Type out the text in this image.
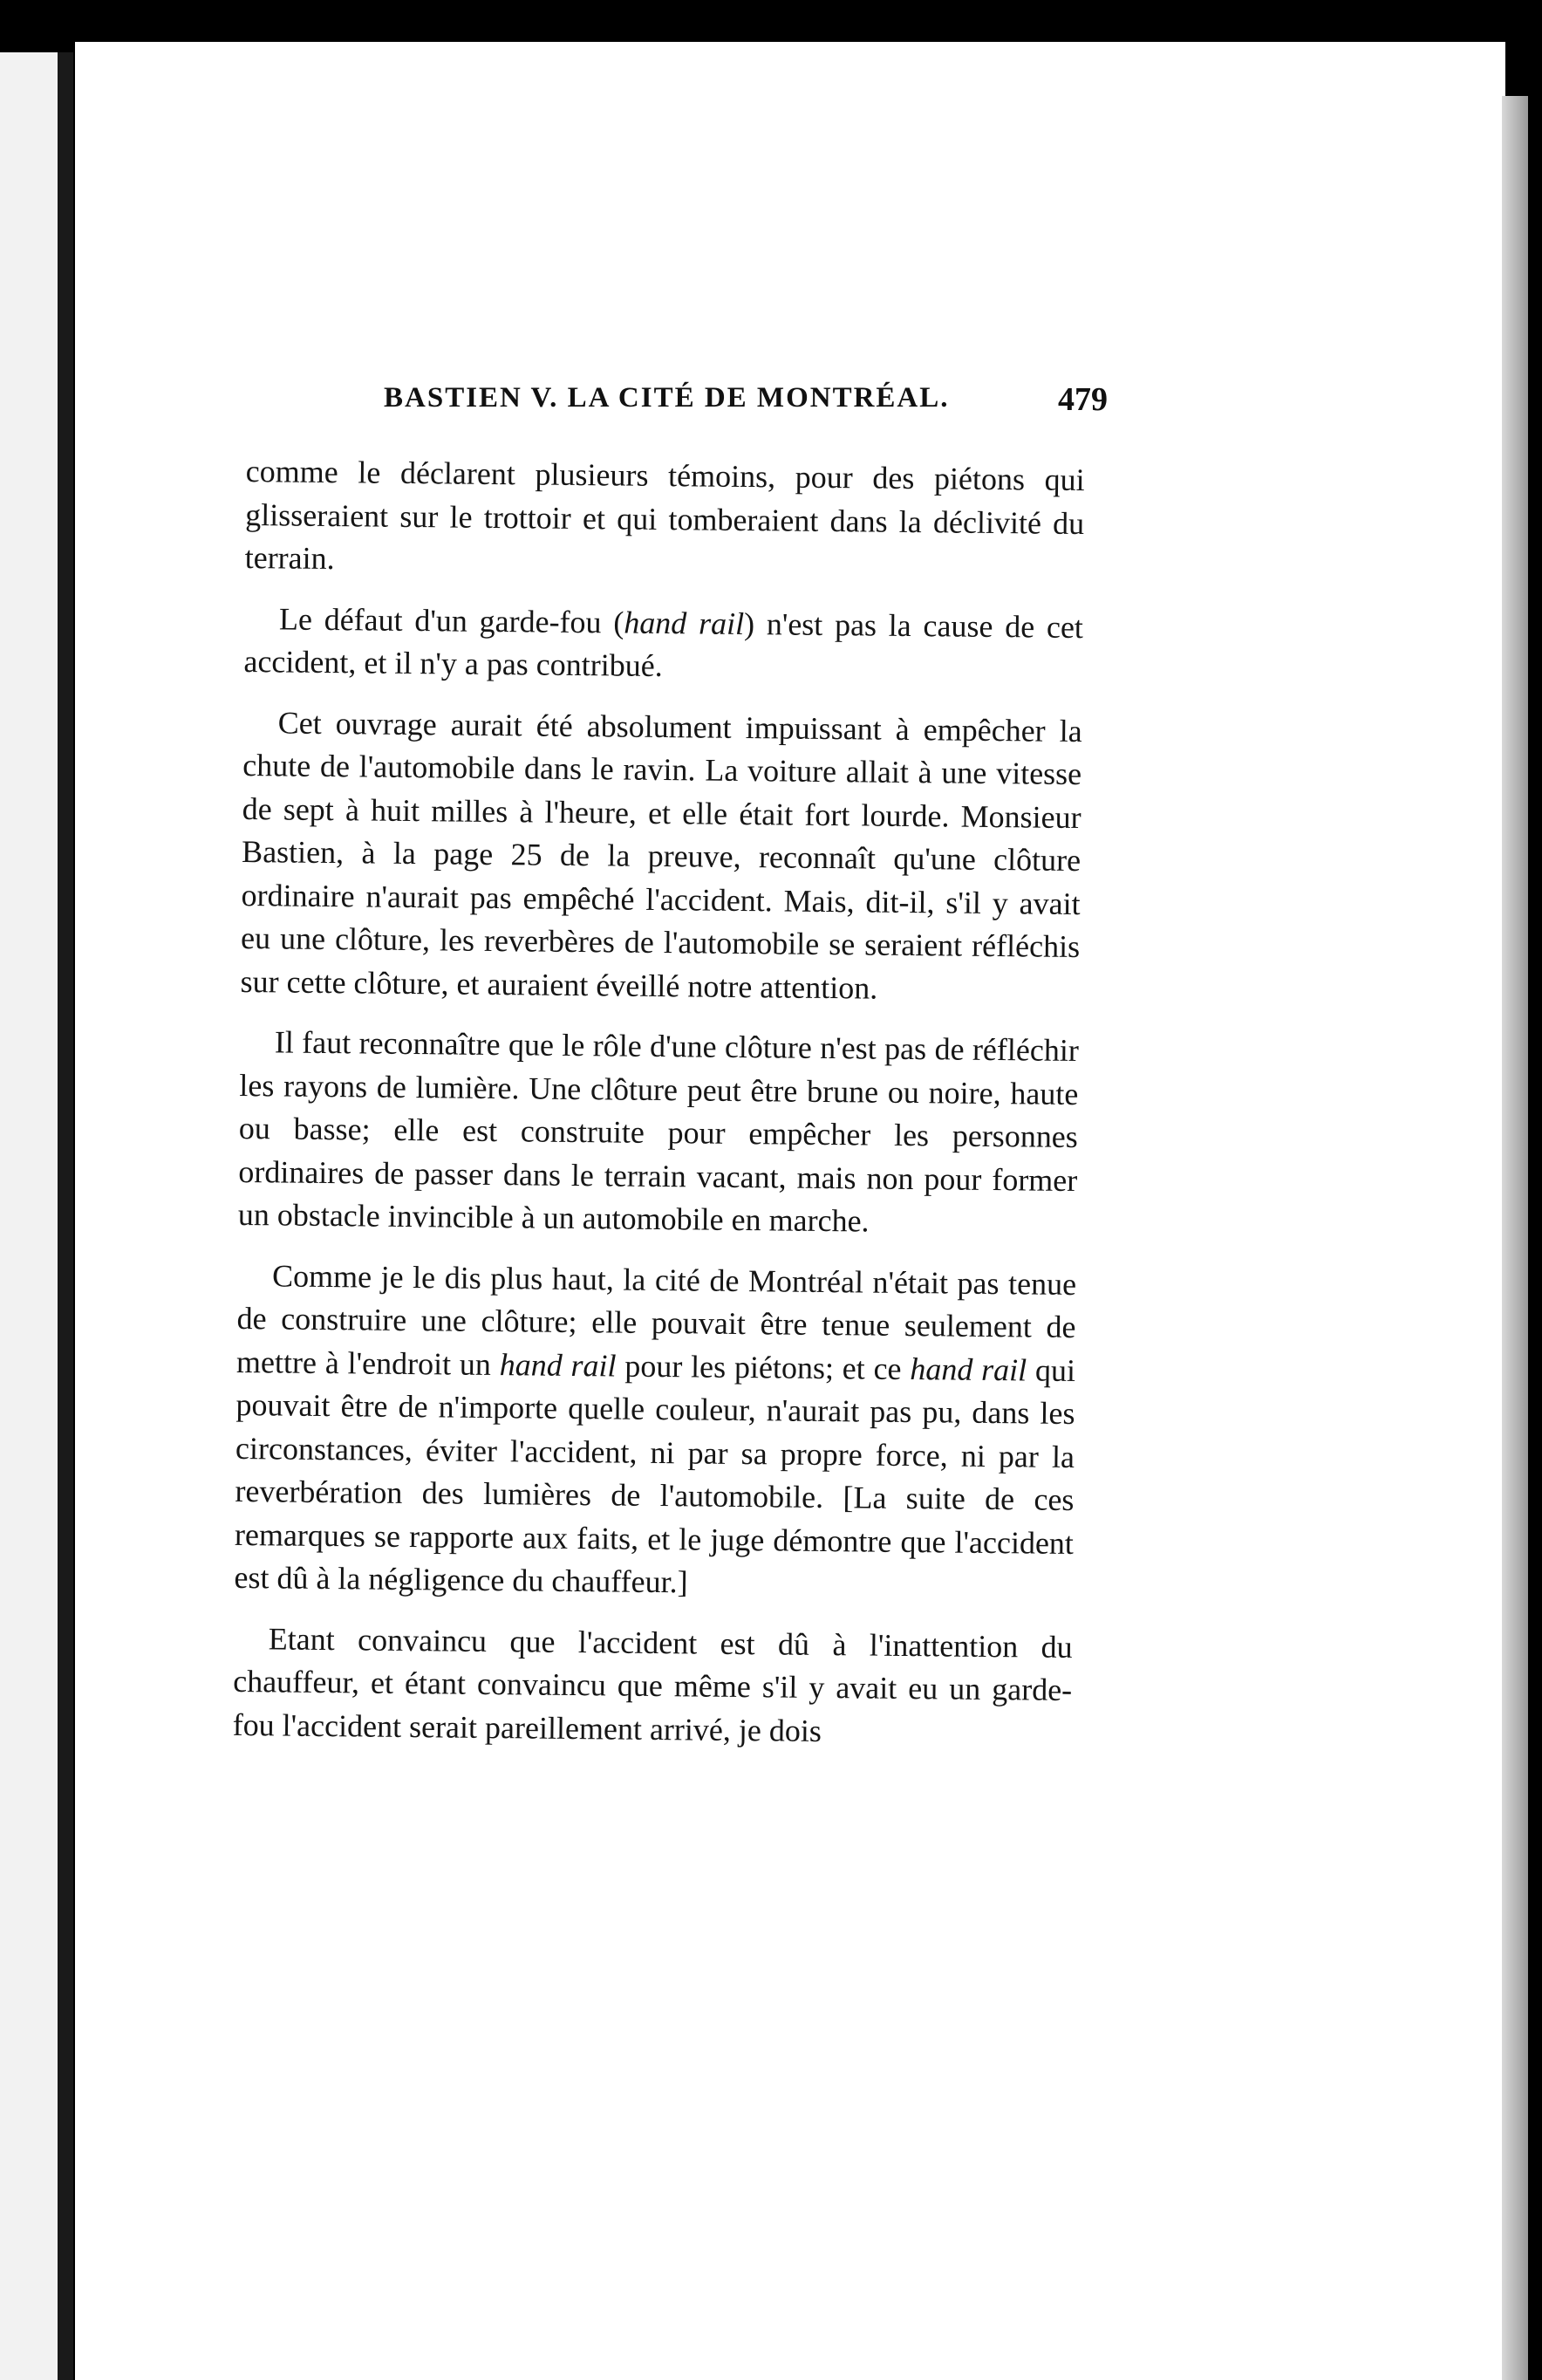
BASTIEN V. LA CITÉ DE MONTRÉAL.	479

comme le déclarent plusieurs témoins, pour des piétons qui glisseraient sur le trottoir et qui tomberaient dans la déclivité du terrain.

Le défaut d'un garde-fou (hand rail) n'est pas la cause de cet accident, et il n'y a pas contribué.

Cet ouvrage aurait été absolument impuissant à empêcher la chute de l'automobile dans le ravin. La voiture allait à une vitesse de sept à huit milles à l'heure, et elle était fort lourde. Monsieur Bastien, à la page 25 de la preuve, reconnaît qu'une clôture ordinaire n'aurait pas empêché l'accident. Mais, dit-il, s'il y avait eu une clôture, les reverbères de l'automobile se seraient réfléchis sur cette clôture, et auraient éveillé notre attention.

Il faut reconnaître que le rôle d'une clôture n'est pas de réfléchir les rayons de lumière. Une clôture peut être brune ou noire, haute ou basse; elle est construite pour empêcher les personnes ordinaires de passer dans le terrain vacant, mais non pour former un obstacle invincible à un automobile en marche.

Comme je le dis plus haut, la cité de Montréal n'était pas tenue de construire une clôture; elle pouvait être tenue seulement de mettre à l'endroit un hand rail pour les piétons; et ce hand rail qui pouvait être de n'importe quelle couleur, n'aurait pas pu, dans les circonstances, éviter l'accident, ni par sa propre force, ni par la reverbération des lumières de l'automobile. [La suite de ces remarques se rapporte aux faits, et le juge démontre que l'accident est dû à la négligence du chauffeur.]

Etant convaincu que l'accident est dû à l'inattention du chauffeur, et étant convaincu que même s'il y avait eu un garde-fou l'accident serait pareillement arrivé, je dois
